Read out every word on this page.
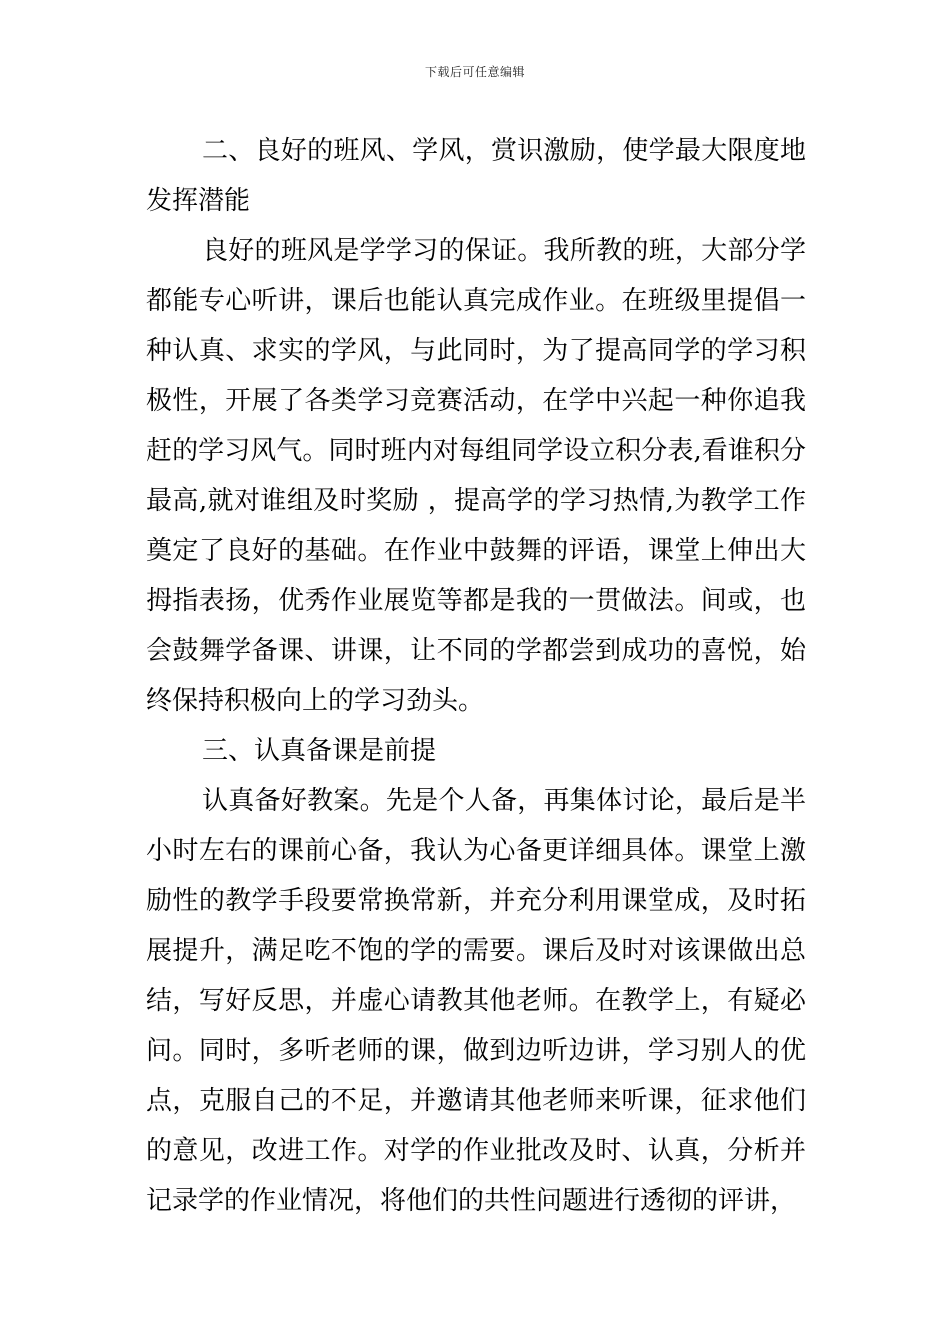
下载后可任意编辑

二、良好的班风、学风，赏识激励，使学最大限度地发挥潜能

良好的班风是学学习的保证。我所教的班，大部分学都能专心听讲，课后也能认真完成作业。在班级里提倡一种认真、求实的学风，与此同时，为了提高同学的学习积极性，开展了各类学习竞赛活动，在学中兴起一种你追我赶的学习风气。同时班内对每组同学设立积分表,看谁积分最高,就对谁组及时奖励 ，提高学的学习热情,为教学工作奠定了良好的基础。在作业中鼓舞的评语，课堂上伸出大拇指表扬，优秀作业展览等都是我的一贯做法。间或，也会鼓舞学备课、讲课，让不同的学都尝到成功的喜悦，始终保持积极向上的学习劲头。

三、认真备课是前提

认真备好教案。先是个人备，再集体讨论，最后是半小时左右的课前心备，我认为心备更详细具体。课堂上激励性的教学手段要常换常新，并充分利用课堂成，及时拓展提升，满足吃不饱的学的需要。课后及时对该课做出总结，写好反思，并虚心请教其他老师。在教学上，有疑必问。同时，多听老师的课，做到边听边讲，学习别人的优点，克服自己的不足，并邀请其他老师来听课，征求他们的意见，改进工作。对学的作业批改及时、认真，分析并记录学的作业情况，将他们的共性问题进行透彻的评讲，
